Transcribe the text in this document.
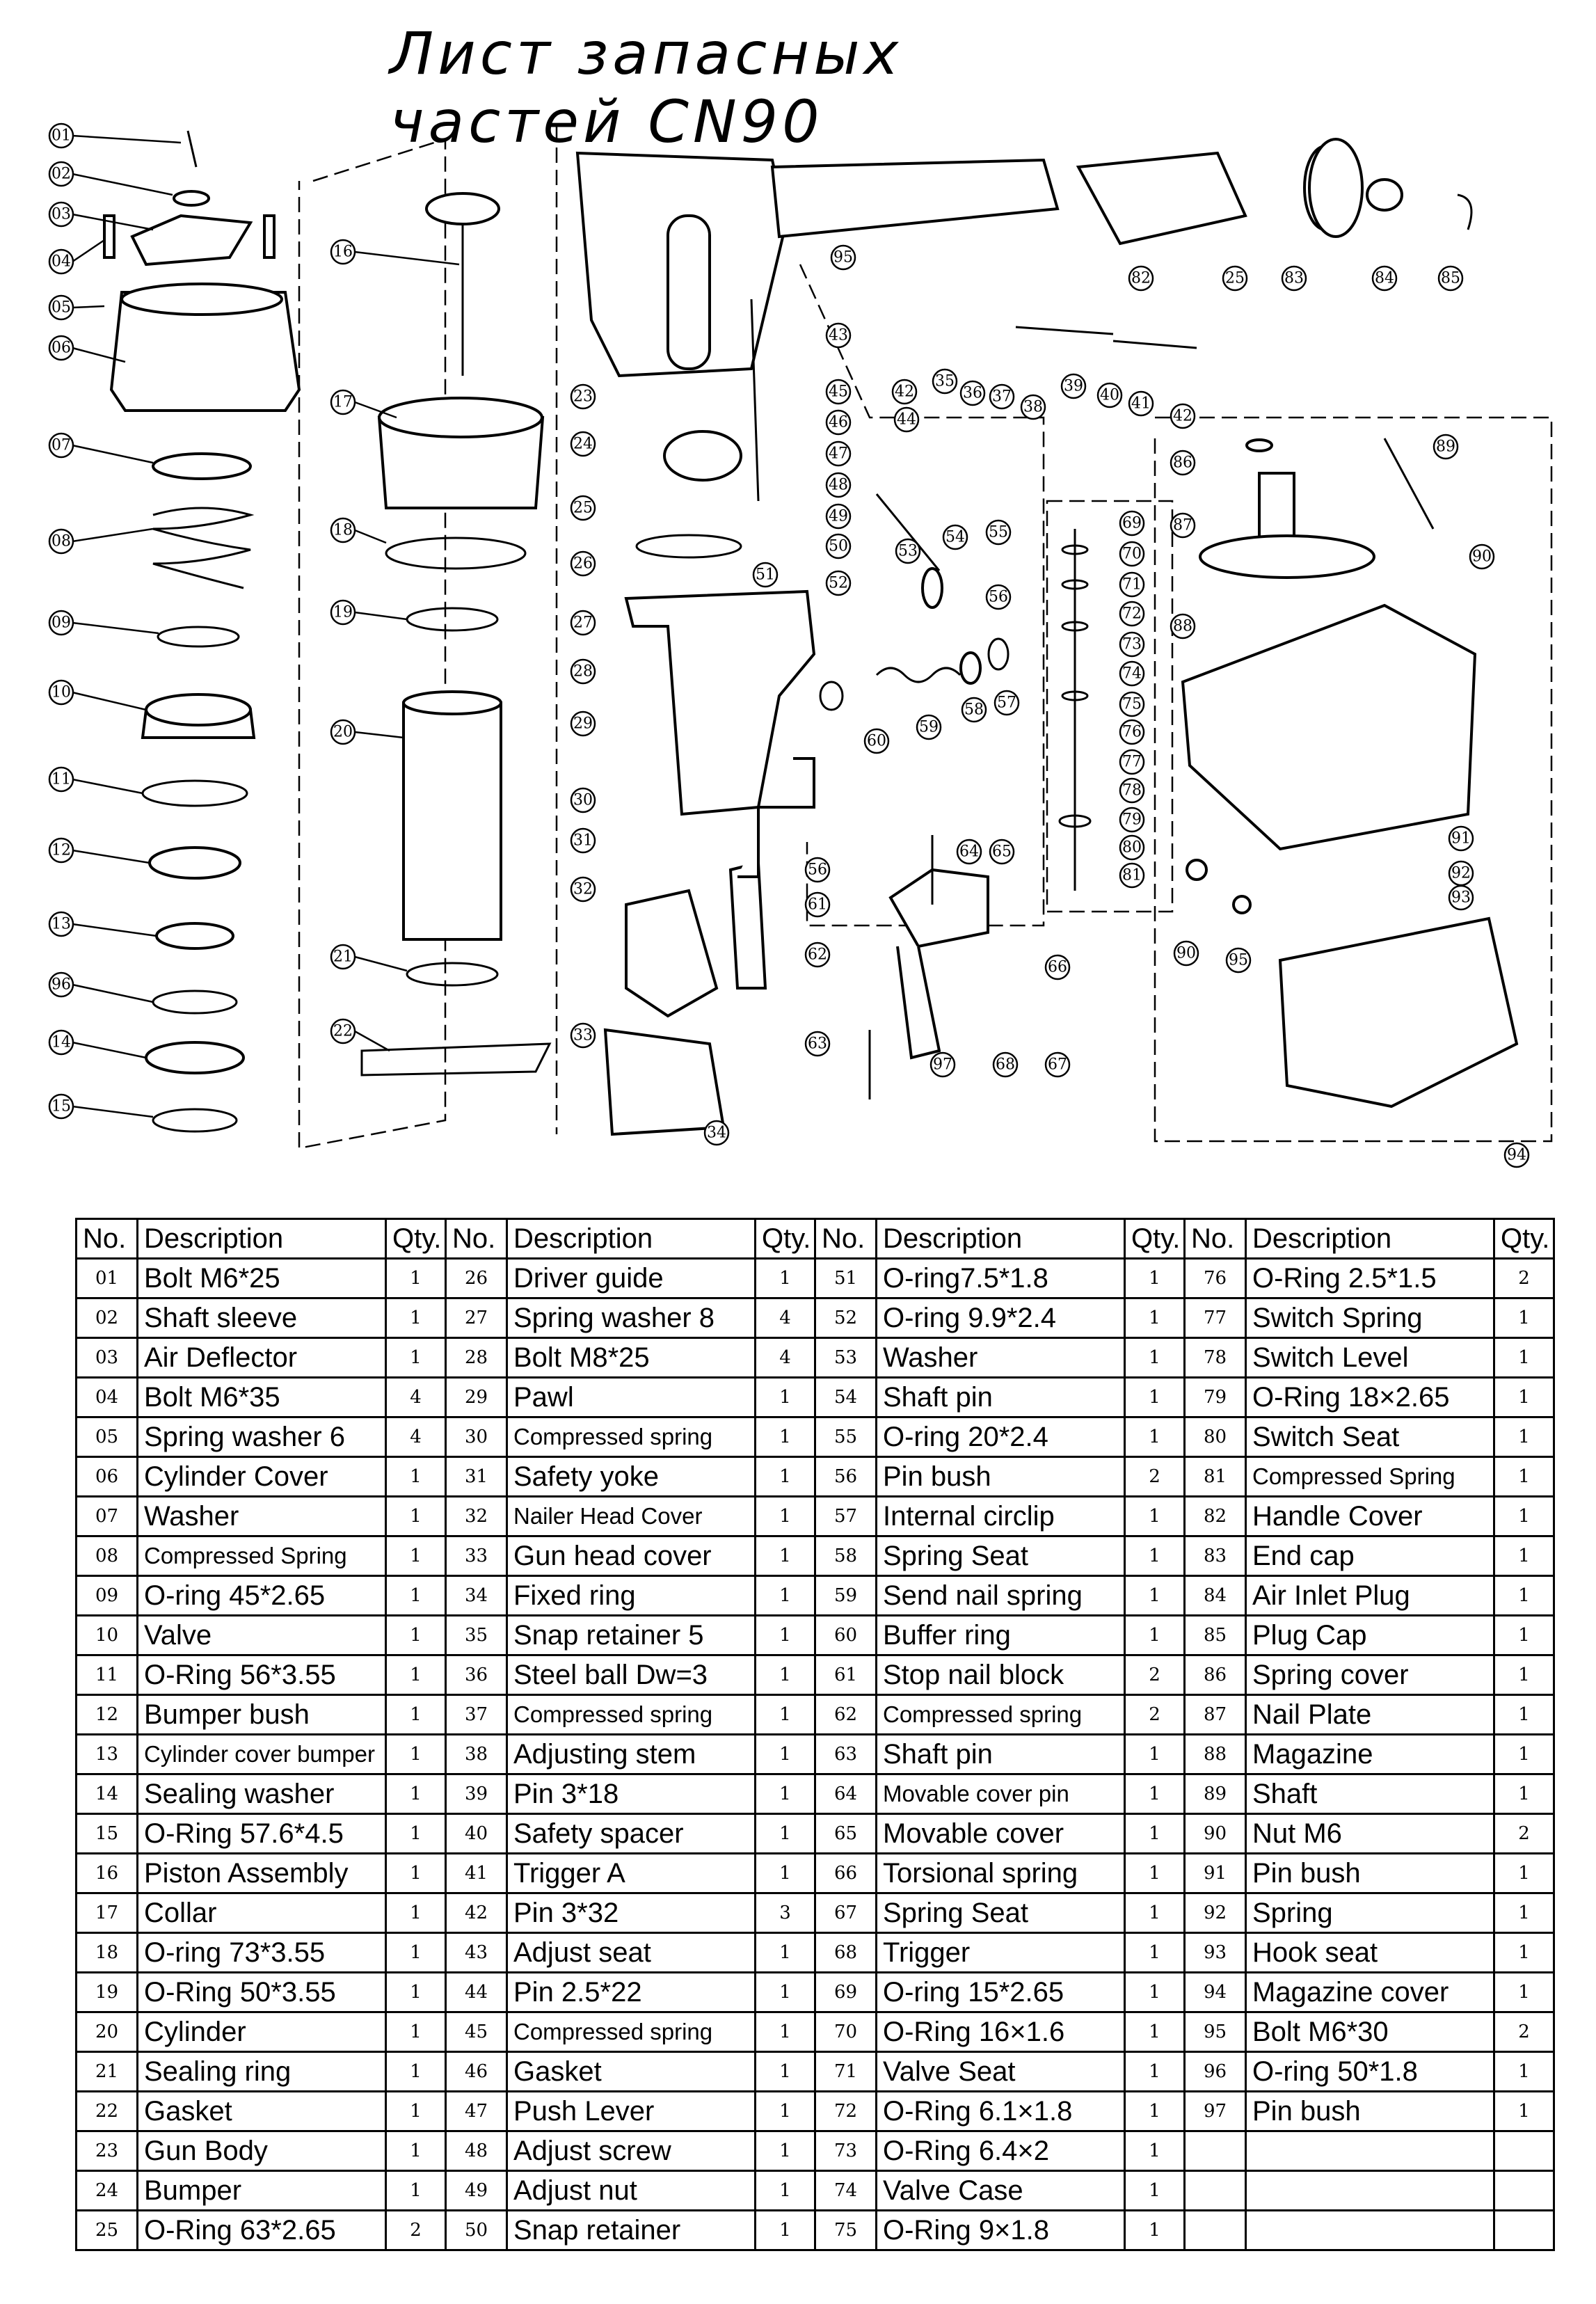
Лист запасных частей CN90
10
11
12
13
14
15
16
17
18
19
20
21
22
23
24
25
26
27
28
29
30
31
32
33
34
35
36 37
38
39
40 41
42
43
44
45
46
47
48
49
50
51	52
53
54 55
56
57
58
59
60
61
62
63
64 65
66
67
68
69
70
71
72
73
74
75
76
77
78
79
80
81
82	83	84	85
86
87
88
89
90
91
92
93
94
95
96
97
01
02
03
04
05
06
07
08
09
42
25
56
90 95
No.	Description	Qty.	No.	Description	Qty.	No.	Description	Qty.	No.	Description	Qty.
01	Bolt M6*25	1	26	Driver guide	1	51	O-ring7.5*1.8	1	76	O-Ring 2.5*1.5	2
02	Shaft sleeve	1	27	Spring washer 8	4	52	O-ring 9.9*2.4	1	77	Switch Spring	1
03	Air Deflector	1	28	Bolt M8*25	4	53	Washer	1	78	Switch Level	1
04	Bolt M6*35	4	29	Pawl	1	54	Shaft pin	1	79	O-Ring 18×2.65	1
05	Spring washer 6	4	30	Compressed spring	1	55	O-ring 20*2.4	1	80	Switch Seat	1
06	Cylinder Cover	1	31	Safety yoke	1	56	Pin bush	2	81	Compressed Spring	1
07	Washer	1	32	Nailer Head Cover	1	57	Internal circlip	1	82	Handle Cover	1
08	Compressed Spring	1	33	Gun head cover	1	58	Spring Seat	1	83	End cap	1
09	O-ring 45*2.65	1	34	Fixed ring	1	59	Send nail spring	1	84	Air Inlet Plug	1
10	Valve	1	35	Snap retainer 5	1	60	Buffer ring	1	85	Plug Cap	1
11	O-Ring 56*3.55	1	36	Steel ball Dw=3	1	61	Stop nail block	2	86	Spring cover	1
12	Bumper bush	1	37	Compressed spring	1	62	Compressed spring	2	87	Nail Plate	1
13	Cylinder cover bumper	1	38	Adjusting stem	1	63	Shaft pin	1	88	Magazine	1
14	Sealing washer	1	39	Pin 3*18	1	64	Movable cover pin	1	89	Shaft	1
15	O-Ring 57.6*4.5	1	40	Safety spacer	1	65	Movable cover	1	90	Nut M6	2
16	Piston Assembly	1	41	Trigger A	1	66	Torsional spring	1	91	Pin bush	1
17	Collar	1	42	Pin 3*32	3	67	Spring Seat	1	92	Spring	1
18	O-ring 73*3.55	1	43	Adjust seat	1	68	Trigger	1	93	Hook seat	1
19	O-Ring 50*3.55	1	44	Pin 2.5*22	1	69	O-ring 15*2.65	1	94	Magazine cover	1
20	Cylinder	1	45	Compressed spring	1	70	O-Ring 16×1.6	1	95	Bolt M6*30	2
21	Sealing ring	1	46	Gasket	1	71	Valve Seat	1	96	O-ring 50*1.8	1
22	Gasket	1	47	Push Lever	1	72	O-Ring 6.1×1.8	1	97	Pin bush	1
23	Gun Body	1	48	Adjust screw	1	73	O-Ring 6.4×2	1			
24	Bumper	1	49	Adjust nut	1	74	Valve Case	1			
25	O-Ring 63*2.65	2	50	Snap retainer	1	75	O-Ring 9×1.8	1			
